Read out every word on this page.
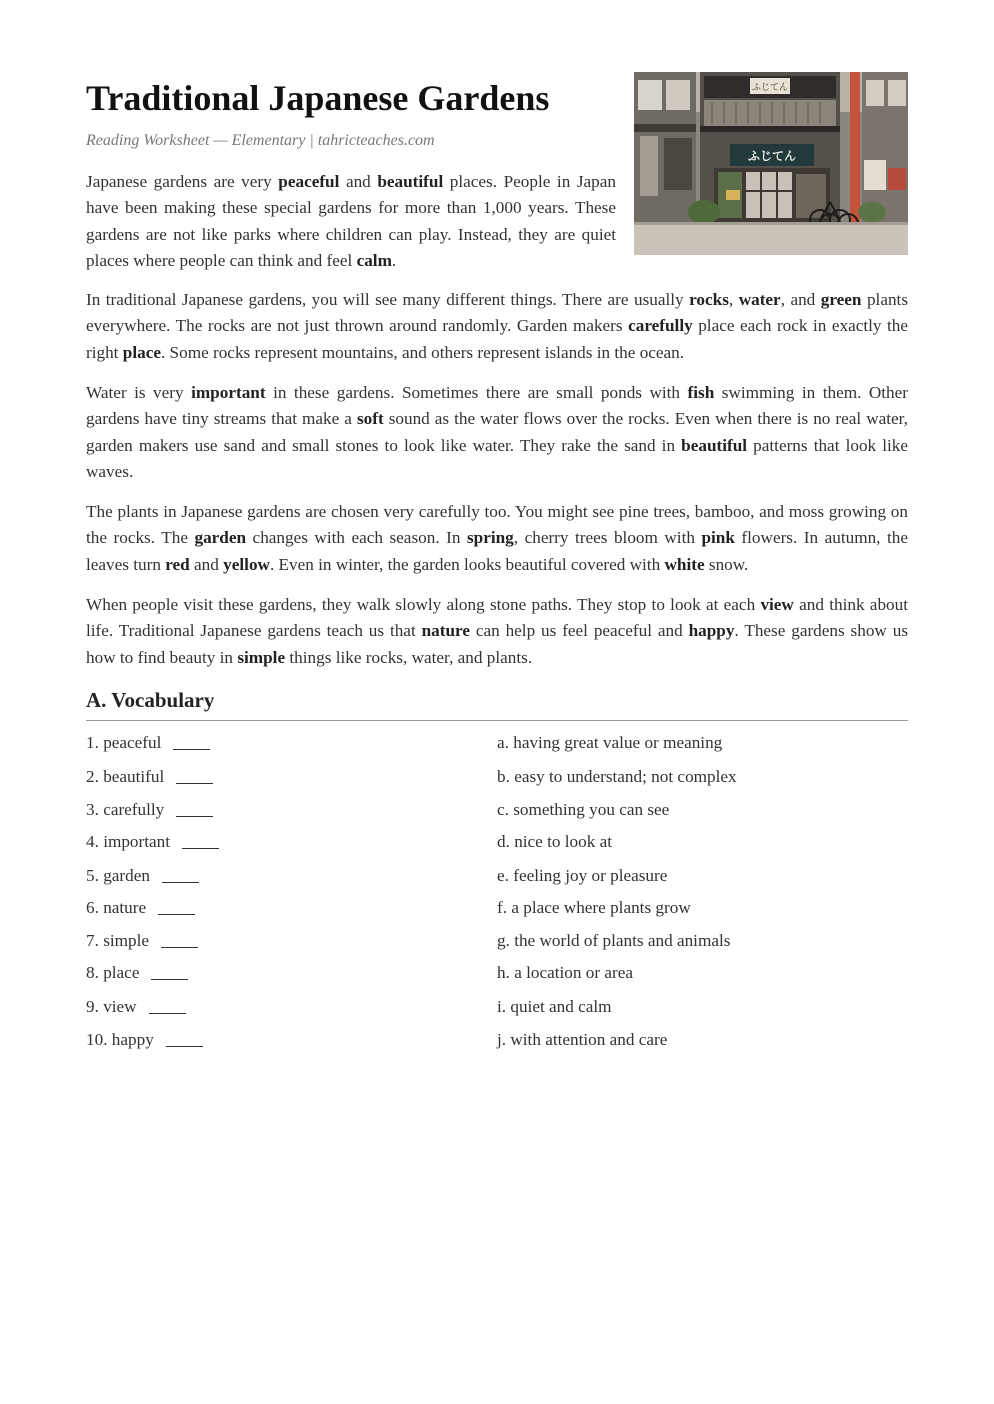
Traditional Japanese Gardens

Reading Worksheet — Elementary | tahricteaches.com

ふじてん
ふじてん

Japanese gardens are very peaceful and beautiful places. People in Japan have been making these special gardens for more than 1,000 years. These gardens are not like parks where children can play. Instead, they are quiet places where people can think and feel calm.

In traditional Japanese gardens, you will see many different things. There are usually rocks, water, and green plants everywhere. The rocks are not just thrown around randomly. Garden makers carefully place each rock in exactly the right place. Some rocks represent mountains, and others represent islands in the ocean.

Water is very important in these gardens. Sometimes there are small ponds with fish swimming in them. Other gardens have tiny streams that make a soft sound as the water flows over the rocks. Even when there is no real water, garden makers use sand and small stones to look like water. They rake the sand in beautiful patterns that look like waves.

The plants in Japanese gardens are chosen very carefully too. You might see pine trees, bamboo, and moss growing on the rocks. The garden changes with each season. In spring, cherry trees bloom with pink flowers. In autumn, the leaves turn red and yellow. Even in winter, the garden looks beautiful covered with white snow.

When people visit these gardens, they walk slowly along stone paths. They stop to look at each view and think about life. Traditional Japanese gardens teach us that nature can help us feel peaceful and happy. These gardens show us how to find beauty in simple things like rocks, water, and plants.

A. Vocabulary
1. peaceful	a. having great value or meaning
2. beautiful	b. easy to understand; not complex
3. carefully	c. something you can see
4. important	d. nice to look at
5. garden	e. feeling joy or pleasure
6. nature	f. a place where plants grow
7. simple	g. the world of plants and animals
8. place	h. a location or area
9. view	i. quiet and calm
10. happy	j. with attention and care
